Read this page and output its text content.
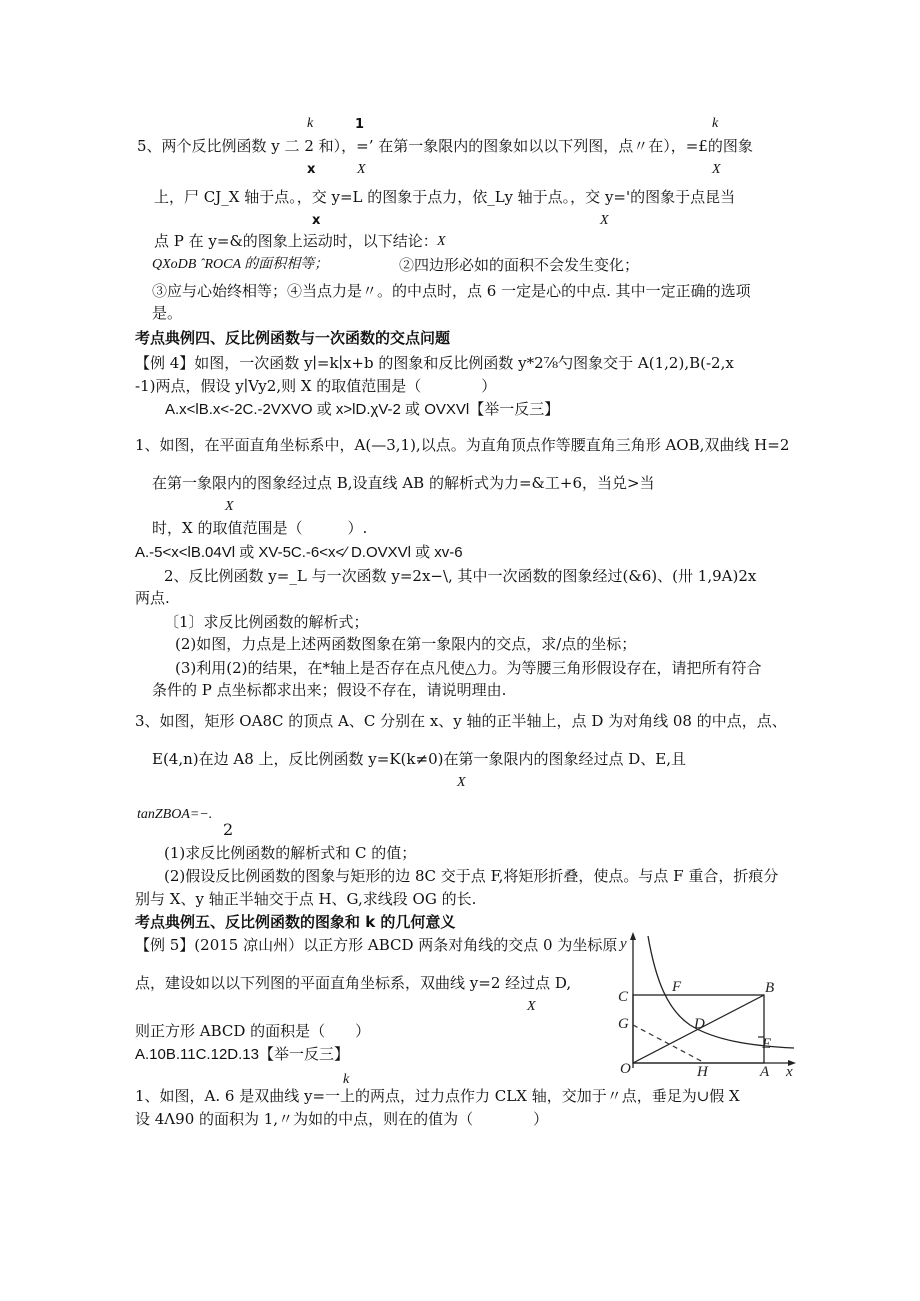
k	1	k
5、两个反比例函数 y 二 2 和），=’ 在第一象限内的图象如以以下列图，点〃在），=£的图象
x	X	X
上，尸 CJ_X 轴于点。，交 y=L 的图象于点力，依_Ly 轴于点。，交 y='的图象于点昆当
x	X
点 P 在 y=&的图象上运动时，以下结论： X
QXoDB ˆROCA 的面积相等；	②四边形必如的面积不会发生变化；
③应与心始终相等；④当点力是〃。的中点时，点 6 一定是心的中点. 其中一定正确的选项
是。
考点典例四、反比例函数与一次函数的交点问题
【例 4】如图，一次函数 y∣=k∣x+b 的图象和反比例函数 y*2⅞勺图象交于 A(1,2),B(-2,x
-1)两点，假设 y∣Vy2,则 X 的取值范围是（　　　　）
A.x<lB.x<-2C.-2VXVO 或 x>lD.χV-2 或 OVXVl【举一反三】
1、如图，在平面直角坐标系中，A(—3,1),以点。为直角顶点作等腰直角三角形 AOB,双曲线 H=2
在第一象限内的图象经过点 B,设直线 AB 的解析式为力=&工+6，当兑>当
X
时，X 的取值范围是（　　　）.
A.-5<x<lB.04Vl 或 XV-5C.-6<x<∕ D.OVXVl 或 xv-6
2、反比例函数 y=_L 与一次函数 y=2x−\, 其中一次函数的图象经过(&6)、(卅 1,9A)2x
两点.
〔1〕求反比例函数的解析式；
(2)如图，力点是上述两函数图象在第一象限内的交点，求/点的坐标；
(3)利用(2)的结果，在*轴上是否存在点凡使△力。为等腰三角形假设存在，请把所有符合
条件的 P 点坐标都求出来；假设不存在，请说明理由.
3、如图，矩形 OA8C 的顶点 A、C 分别在 x、y 轴的正半轴上，点 D 为对角线 08 的中点，点、
E(4,n)在边 A8 上，反比例函数 y=K(k≠0)在第一象限内的图象经过点 D、E,且
X
tanZBOA=−.
2
(1)求反比例函数的解析式和 C 的值；
(2)假设反比例函数的图象与矩形的边 8C 交于点 F,将矩形折叠，使点。与点 F 重合，折痕分
别与 X、y 轴正半轴交于点 H、G,求线段 OG 的长.
考点典例五、反比例函数的图象和 k 的几何意义
【例 5】(2015 凉山州）以正方形 ABCD 两条对角线的交点 0 为坐标原
点，建设如以以下列图的平面直角坐标系，双曲线 y=2 经过点 D,
X
则正方形 ABCD 的面积是（　　）
A.10B.11C.12D.13【举一反三】
k
1、如图，A. 6 是双曲线 y=一上的两点，过力点作力 CLX 轴，交加于〃点，垂足为∪假 X
设 4Λ90 的面积为 1,〃为如的中点，则在的值为（　　　　）
y
x
O	A
B
C
D
E
F
G
H
